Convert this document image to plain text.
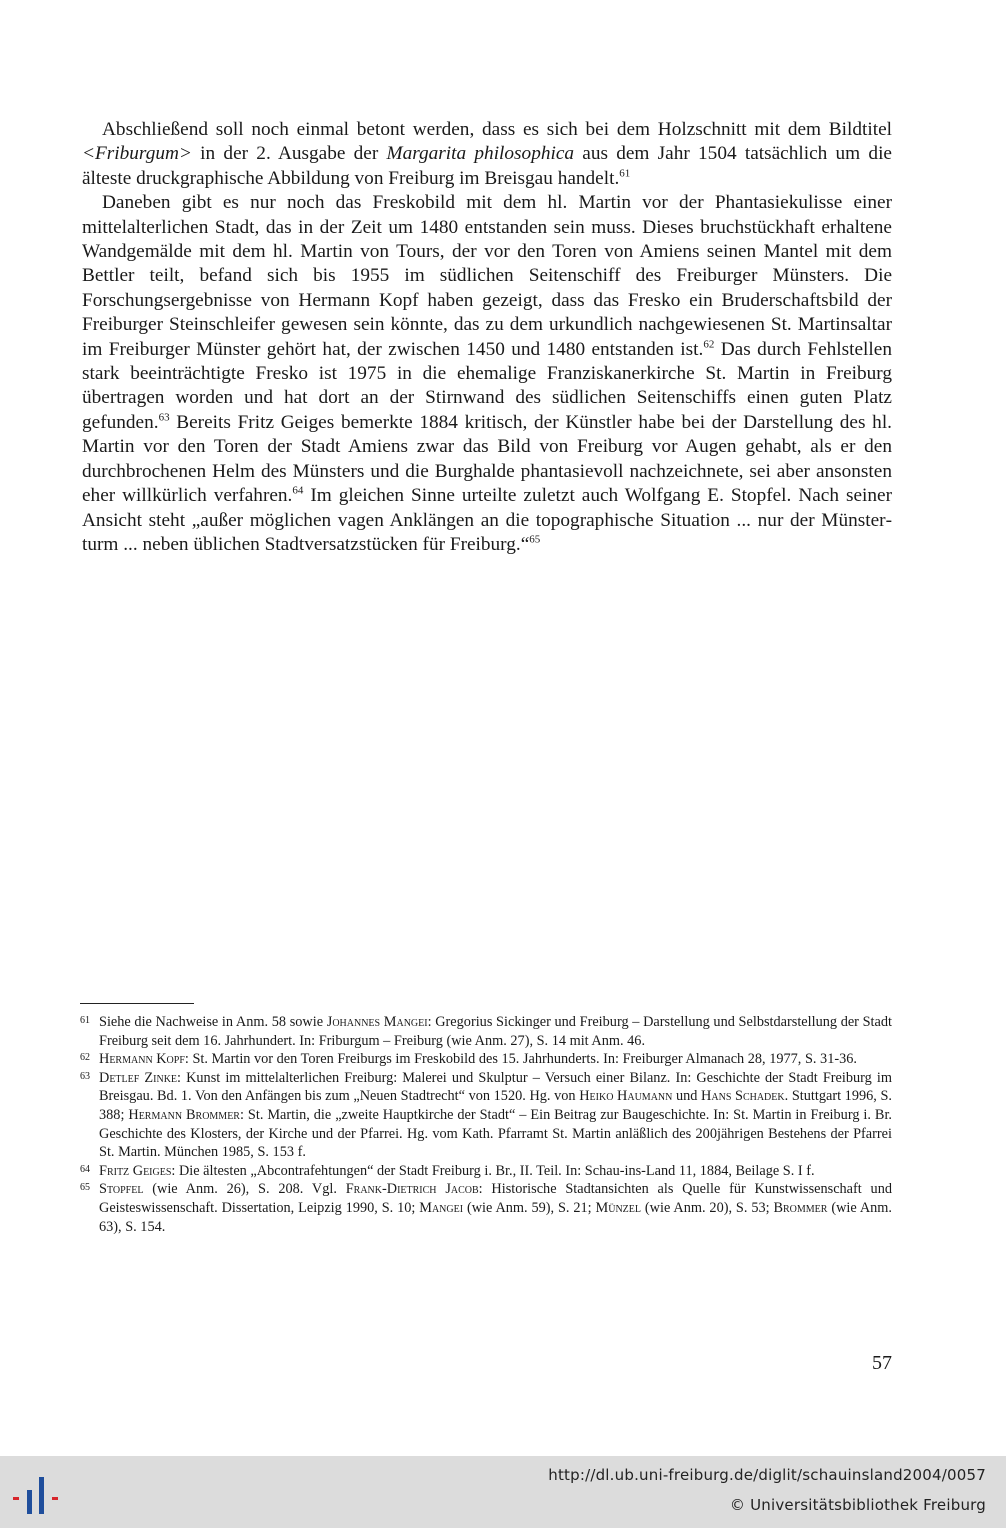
Abschließend soll noch einmal betont werden, dass es sich bei dem Holzschnitt mit dem Bildtitel <Friburgum> in der 2. Ausgabe der Margarita philosophica aus dem Jahr 1504 tatsächlich um die älteste druckgraphische Abbildung von Freiburg im Breisgau handelt.$^{61}$

Daneben gibt es nur noch das Freskobild mit dem hl. Martin vor der Phantasiekulisse einer mittelalterlichen Stadt, das in der Zeit um 1480 entstanden sein muss. Dieses bruchstückhaft erhaltene Wandgemälde mit dem hl. Martin von Tours, der vor den Toren von Amiens seinen Mantel mit dem Bettler teilt, befand sich bis 1955 im südlichen Seitenschiff des Freiburger Münsters. Die Forschungsergebnisse von Hermann Kopf haben gezeigt, dass das Fresko ein Bruderschaftsbild der Freiburger Steinschleifer gewesen sein könnte, das zu dem urkundlich nachgewiesenen St. Martinsaltar im Freiburger Münster gehört hat, der zwischen 1450 und 1480 entstanden ist.$^{62}$ Das durch Fehlstellen stark beeinträchtigte Fresko ist 1975 in die ehemalige Franziskanerkirche St. Martin in Freiburg übertragen worden und hat dort an der Stirnwand des südlichen Seitenschiffs einen guten Platz gefunden.$^{63}$ Bereits Fritz Geiges bemerkte 1884 kritisch, der Künstler habe bei der Darstellung des hl. Martin vor den Toren der Stadt Amiens zwar das Bild von Freiburg vor Augen gehabt, als er den durchbrochenen Helm des Münsters und die Burghalde phantasievoll nachzeichnete, sei aber ansonsten eher willkürlich verfahren.$^{64}$ Im gleichen Sinne urteilte zuletzt auch Wolfgang E. Stopfel. Nach seiner Ansicht steht „außer möglichen vagen Anklängen an die topographische Situation ... nur der Münsterturm ... neben üblichen Stadtversatzstücken für Freiburg.“$^{65}$

61 Siehe die Nachweise in Anm. 58 sowie Johannes Mangei: Gregorius Sickinger und Freiburg – Darstellung und Selbstdarstellung der Stadt Freiburg seit dem 16. Jahrhundert. In: Friburgum – Freiburg (wie Anm. 27), S. 14 mit Anm. 46.
62 Hermann Kopf: St. Martin vor den Toren Freiburgs im Freskobild des 15. Jahrhunderts. In: Freiburger Almanach 28, 1977, S. 31-36.
63 Detlef Zinke: Kunst im mittelalterlichen Freiburg: Malerei und Skulptur – Versuch einer Bilanz. In: Geschichte der Stadt Freiburg im Breisgau. Bd. 1. Von den Anfängen bis zum „Neuen Stadtrecht“ von 1520. Hg. von Heiko Haumann und Hans Schadek. Stuttgart 1996, S. 388; Hermann Brommer: St. Martin, die „zweite Hauptkirche der Stadt“ – Ein Beitrag zur Baugeschichte. In: St. Martin in Freiburg i. Br. Geschichte des Klosters, der Kirche und der Pfarrei. Hg. vom Kath. Pfarramt St. Martin anläßlich des 200jährigen Bestehens der Pfarrei St. Martin. München 1985, S. 153 f.
64 Fritz Geiges: Die ältesten „Abcontrafehtungen“ der Stadt Freiburg i. Br., II. Teil. In: Schau-ins-Land 11, 1884, Beilage S. I f.
65 Stopfel (wie Anm. 26), S. 208. Vgl. Frank-Dietrich Jacob: Historische Stadtansichten als Quelle für Kunstwissenschaft und Geisteswissenschaft. Dissertation, Leipzig 1990, S. 10; Mangei (wie Anm. 59), S. 21; Münzel (wie Anm. 20), S. 53; Brommer (wie Anm. 63), S. 154.
57
http://dl.ub.uni-freiburg.de/diglit/schauinsland2004/0057
© Universitätsbibliothek Freiburg
